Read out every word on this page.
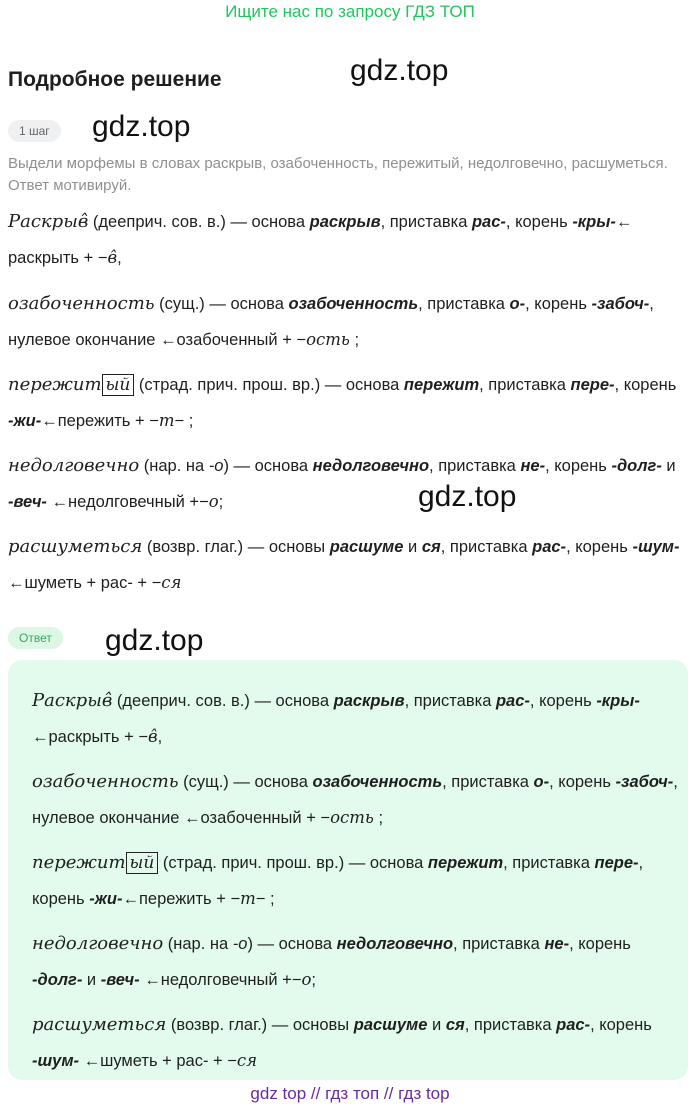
Ищите нас по запросу ГДЗ ТОП
Подробное решение	gdz.top
gdz.top
gdz.top
gdz.top
1 шаг
Выдели морфемы в словах раскрыв, озабоченность, пережитый, недолговечно, расшуметься. Ответ мотивируй.
Раскрыв̂ (дееприч. сов. в.) — основа раскрыв, приставка рас-, корень -кры-← раскрыть + −в̂,
озабоченность (сущ.) — основа озабоченность, приставка о-, корень -забоч-, нулевое окончание ←озабоченный + −ость ;
пережит ый (страд. прич. прош. вр.) — основа пережит, приставка пере-, корень -жи-←пережить + −т− ;
недолговечно (нар. на -о) — основа недолговечно, приставка не-, корень -долг- и -веч- ←недолговечный +−о;
расшуметься (возвр. глаг.) — основы расшуме и ся, приставка рас-, корень -шум- ←шуметь + рас- + −ся
Ответ
Раскрыв̂ (дееприч. сов. в.) — основа раскрыв, приставка рас-, корень -кры-←раскрыть + −в̂,
озабоченность (сущ.) — основа озабоченность, приставка о-, корень -забоч-, нулевое окончание ←озабоченный + −ость ;
пережит ый (страд. прич. прош. вр.) — основа пережит, приставка пере-, корень -жи-←пережить + −т− ;
недолговечно (нар. на -о) — основа недолговечно, приставка не-, корень -долг- и -веч- ←недолговечный +−о;
расшуметься (возвр. глаг.) — основы расшуме и ся, приставка рас-, корень -шум- ←шуметь + рас- + −ся
gdz top // гдз топ // гдз top
